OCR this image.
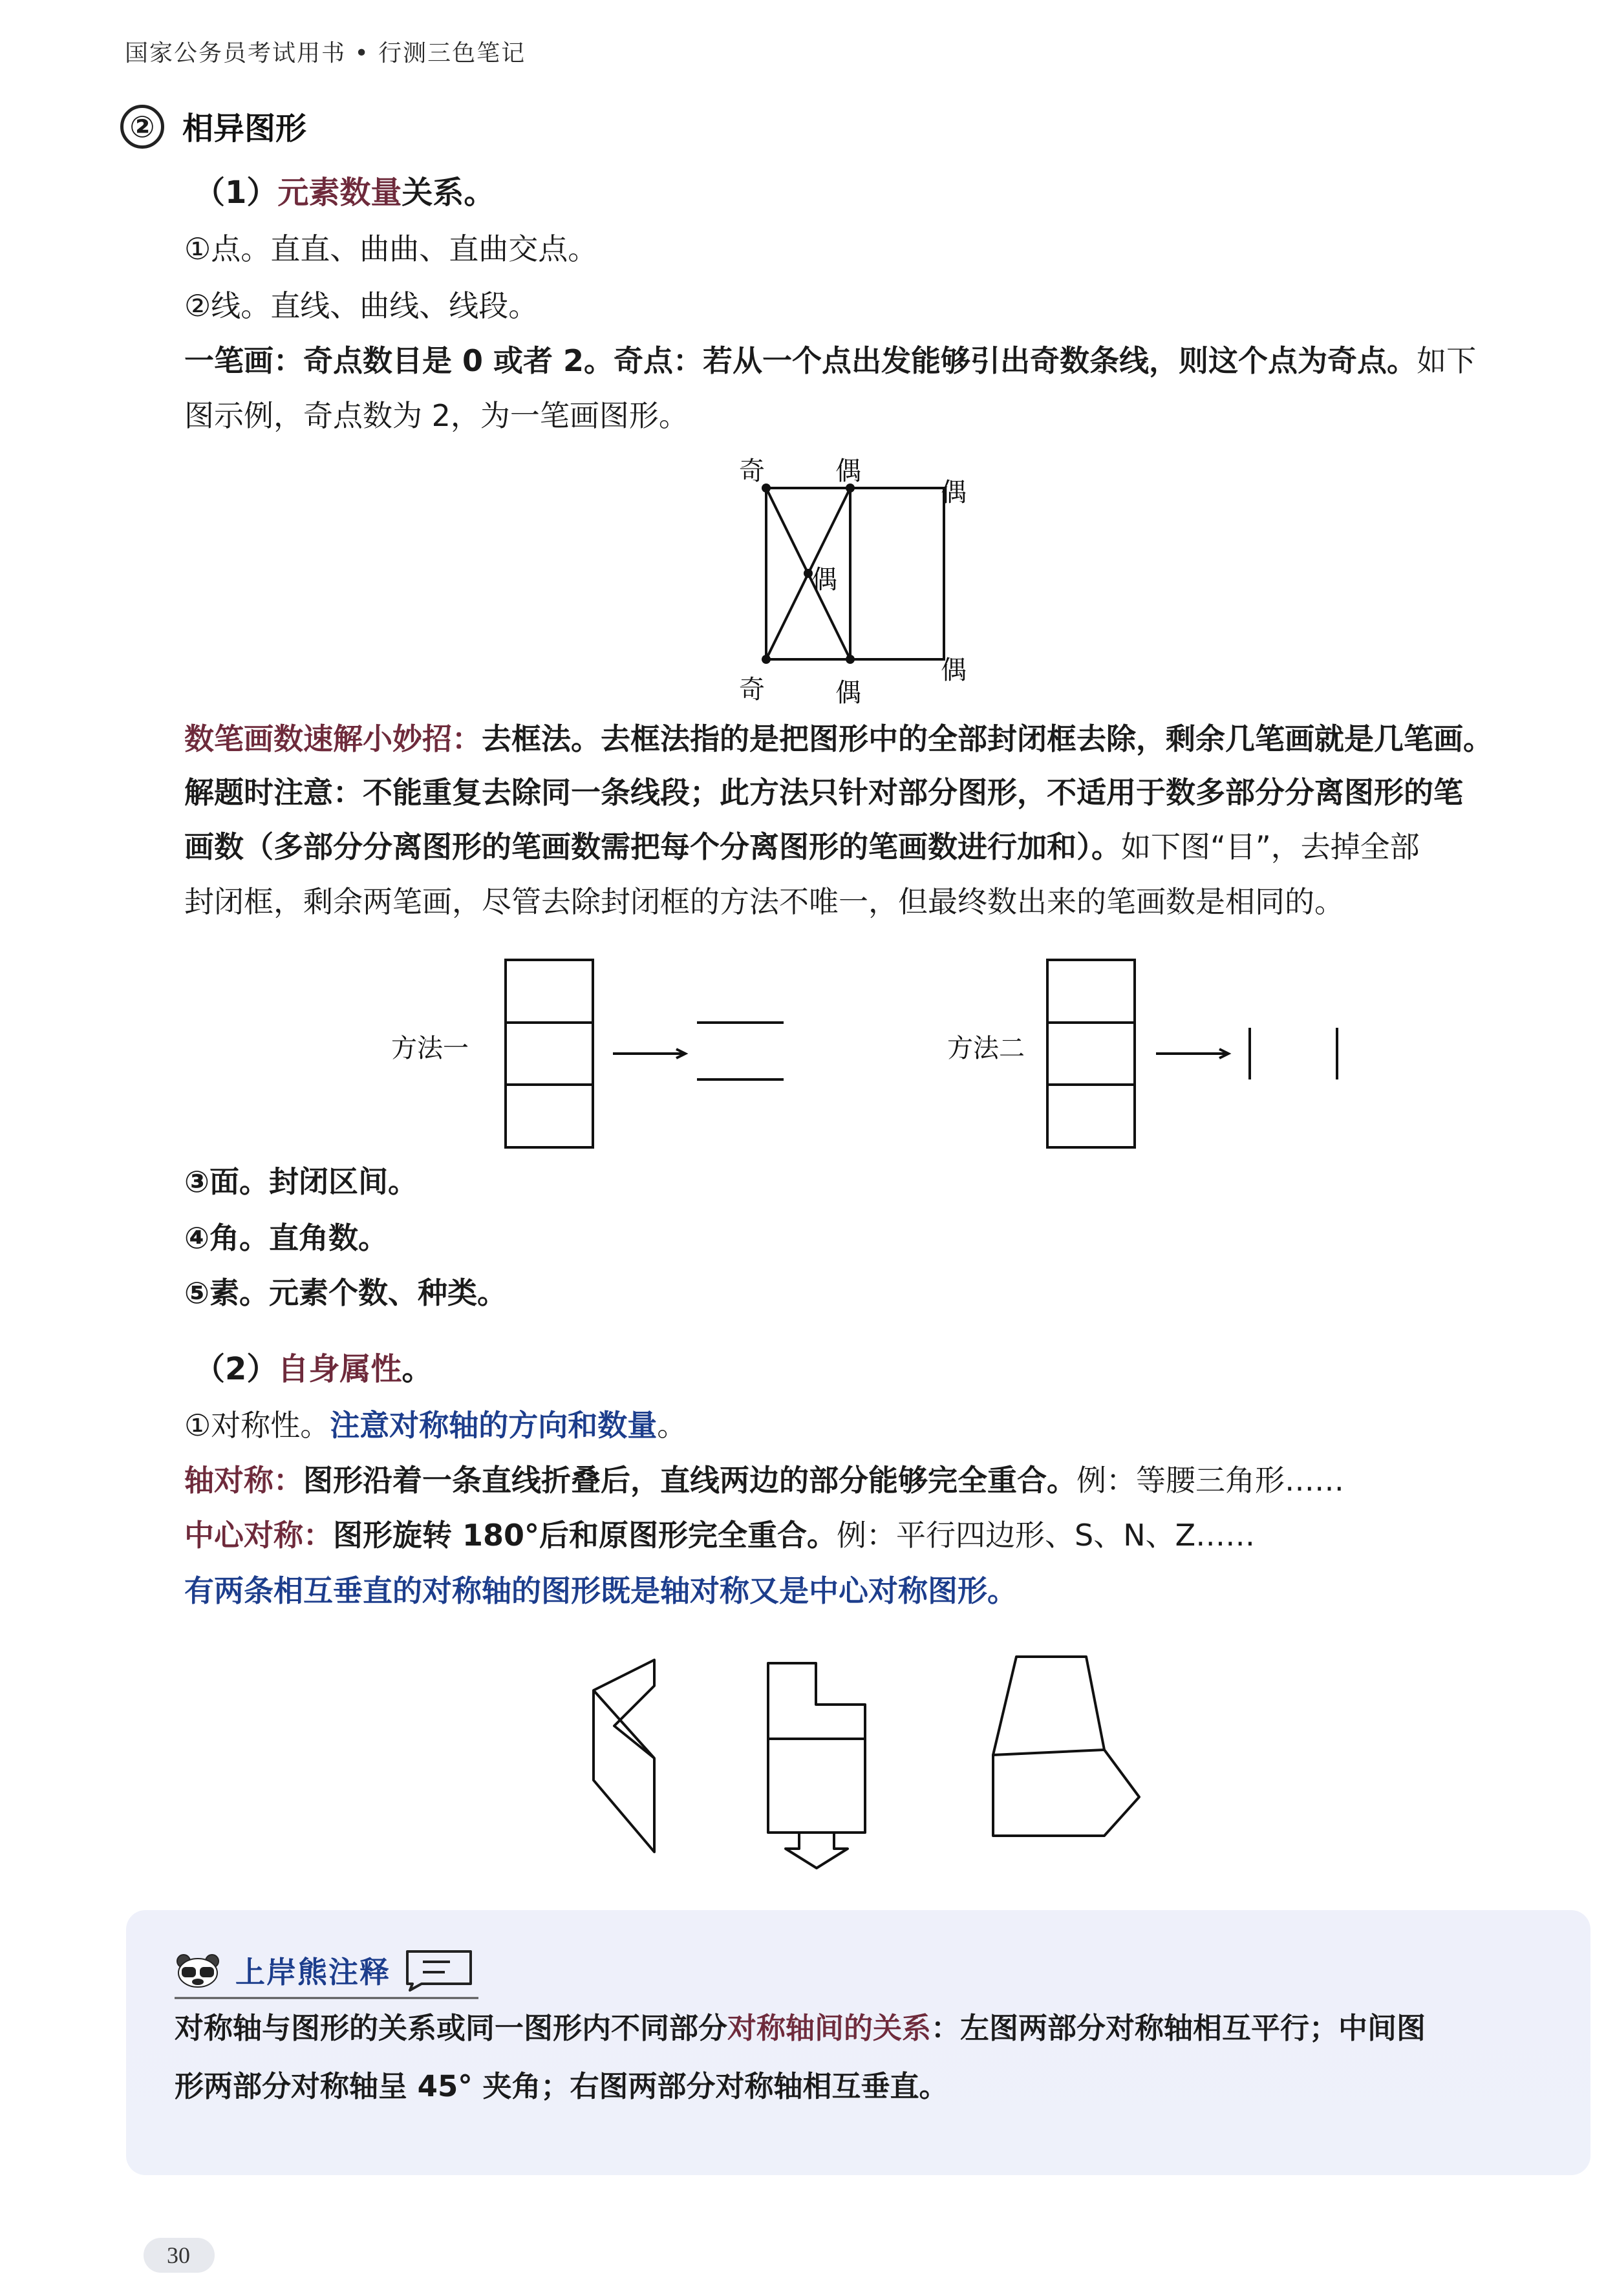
国家公务员考试用书 • 行测三色笔记
② 相异图形
（1）元素数量关系。
①点。直直、曲曲、直曲交点。
②线。直线、曲线、线段。
一笔画：奇点数目是 0 或者 2。奇点：若从一个点出发能够引出奇数条线，则这个点为奇点。如下
图示例，奇点数为 2，为一笔画图形。
奇	偶
偶
偶
奇	偶
偶
数笔画数速解小妙招：去框法。去框法指的是把图形中的全部封闭框去除，剩余几笔画就是几笔画。
解题时注意：不能重复去除同一条线段；此方法只针对部分图形，不适用于数多部分分离图形的笔
画数（多部分分离图形的笔画数需把每个分离图形的笔画数进行加和）。如下图“目”，去掉全部
封闭框，剩余两笔画，尽管去除封闭框的方法不唯一，但最终数出来的笔画数是相同的。
方法一	方法二
③面。封闭区间。
④角。直角数。
⑤素。元素个数、种类。
（2）自身属性。
①对称性。注意对称轴的方向和数量。
轴对称：图形沿着一条直线折叠后，直线两边的部分能够完全重合。例：等腰三角形……
中心对称：图形旋转 180°后和原图形完全重合。例：平行四边形、S、N、Z……
有两条相互垂直的对称轴的图形既是轴对称又是中心对称图形。
上岸熊注释
对称轴与图形的关系或同一图形内不同部分对称轴间的关系：左图两部分对称轴相互平行；中间图
形两部分对称轴呈 45° 夹角；右图两部分对称轴相互垂直。
30
